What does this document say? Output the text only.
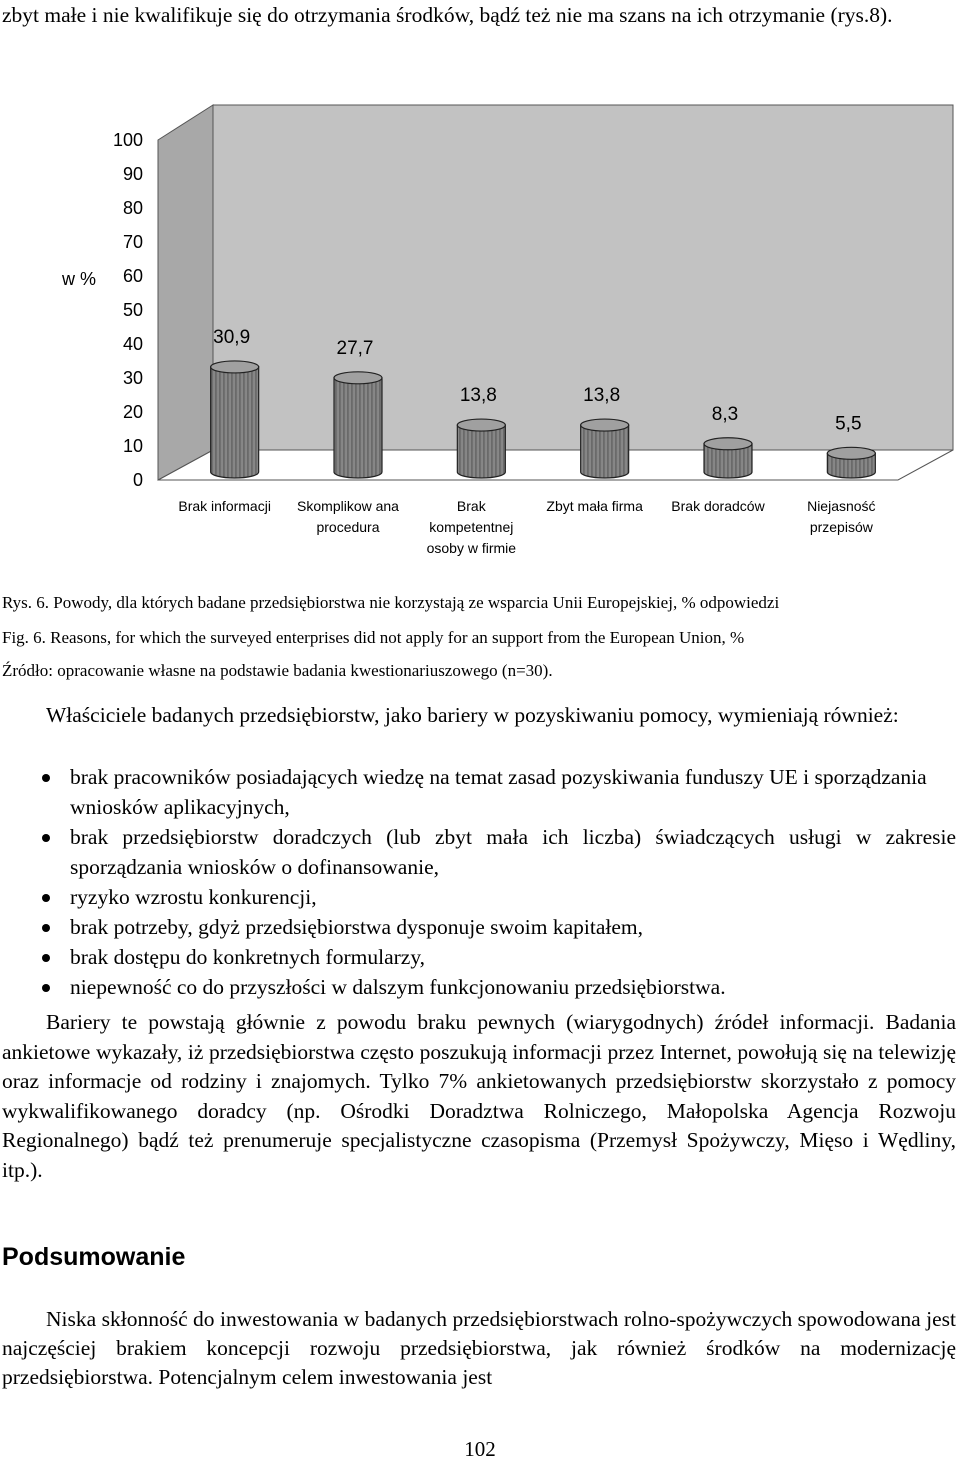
zbyt małe i nie kwalifikuje się do otrzymania środków, bądź też nie ma szans na ich otrzymanie (rys.8).

0
10
20
30
40
50
60
70
80
90
100
w %
30,9
27,7
13,8	13,8
8,3	5,5
Brak informacji Skomplikow ana procedura
Brak kompetentnej osoby w firmie
Zbyt mała firma Brak doradców	Niejasność przepisów
Rys. 6. Powody, dla których badane przedsiębiorstwa nie korzystają ze wsparcia Unii Europejskiej, % odpowiedzi
Fig. 6. Reasons, for which the surveyed enterprises did not apply for an support from the European Union, %
Źródło: opracowanie własne na podstawie badania kwestionariuszowego (n=30).

Właściciele badanych przedsiębiorstw, jako bariery w pozyskiwaniu pomocy, wymieniają również:

brak pracowników posiadających wiedzę na temat zasad pozyskiwania funduszy UE i sporządzania wniosków aplikacyjnych,
brak przedsiębiorstw doradczych (lub zbyt mała ich liczba) świadczących usługi w zakresie sporządzania wniosków o dofinansowanie,
ryzyko wzrostu konkurencji,
brak potrzeby, gdyż przedsiębiorstwa dysponuje swoim kapitałem,
brak dostępu do konkretnych formularzy,
niepewność co do przyszłości w dalszym funkcjonowaniu przedsiębiorstwa.

Bariery te powstają głównie z powodu braku pewnych (wiarygodnych) źródeł informacji. Badania ankietowe wykazały, iż przedsiębiorstwa często poszukują informacji przez Internet, powołują się na telewizję oraz informacje od rodziny i znajomych. Tylko 7% ankietowanych przedsiębiorstw skorzystało z pomocy wykwalifikowanego doradcy (np. Ośrodki Doradztwa Rolniczego, Małopolska Agencja Rozwoju Regionalnego) bądź też prenumeruje specjalistyczne czasopisma (Przemysł Spożywczy, Mięso i Wędliny, itp.).

Podsumowanie

Niska skłonność do inwestowania w badanych przedsiębiorstwach rolno-spożywczych spowodowana jest najczęściej brakiem koncepcji rozwoju przedsiębiorstwa, jak również środków na modernizację przedsiębiorstwa. Potencjalnym celem inwestowania jest

102
